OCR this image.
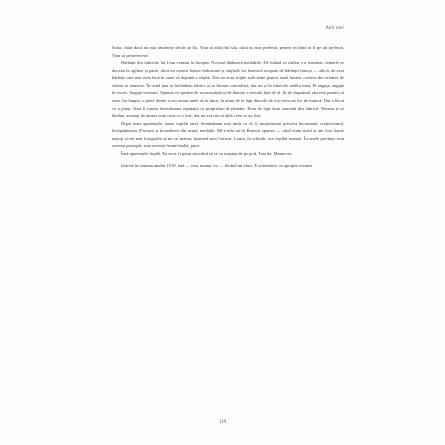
Anii mei

Sona, chiar dacă nu mai rămăsese decât un fiu. Voia să aibă fiul său, dacă nu mai preferat, pentru ea fiind ar fi pe săi preferat. Voia să persevereze.

Bărbații din fabricile lui Ivan veneau la început. Nu mai dăduseră medaliile. De îndată ce război s-a terminat, femeile se duceau la oglinzi și parte, dacă nu cumva fusese îmbrăcate și slujbele lor fuseseră ocupate de bărbații întorși — adică, de acei bărbați care mai erau încă în stare să depună o slujbă. Dar nu erau slujbe suficiente pentru toată lumea; cererea din vremea de război se stinsese. În toată țara se închideau fabrici și se făceau concedieri, dar nu și în fabricile tatălui meu. El angaja, angaja în exces. Angaja veterani. Spunea că sperăm de recunoștință și de datorie a eroului față de el. Și de răspunsul său este pentru că erau. Iar înapoi, o parte dintre ei nu aveau unde să se ducă, în afara de ei fapt dincolo de a-și avea un loc de muncă. Dar a făcut ce a putut. Asta îi fusese întotdeauna reputația ca proprietar de pământ. Erau de fapt doar oamenii din fabrică. Veneau și se lăudau, aceeași de atunci erau ceea ce a fost, dar nu era rău să aibă ceea ce au fost.

După toate aparențele, eram copilul tatei. Seminănam mai mult cu el; îi moștenisem privirea încruntată, scepticismul, încăpățânarea (Precum și încrederea din urmă, medalie. Mi-e-atât mi-e) Rareori spunea — când eram mică și am fost foarte nepoți și-mi mai fotografia și-mi cu mama, fuseseră mici lucruri. Laura, în schimb, era copilul mamei. În unele privințe, mai aceeași proaspăt: mai aceeași frunte înaltă, pură.

Însă aparențele înșală. Ea m-ar fi putut nicicând să se cu mașina de pe pod. Tata da. Mama nu.

Iată-ne în toamna anului 1919, tată — tata, mama, eu — făcând un efort. E noiembrie; se apropie vremea

119
